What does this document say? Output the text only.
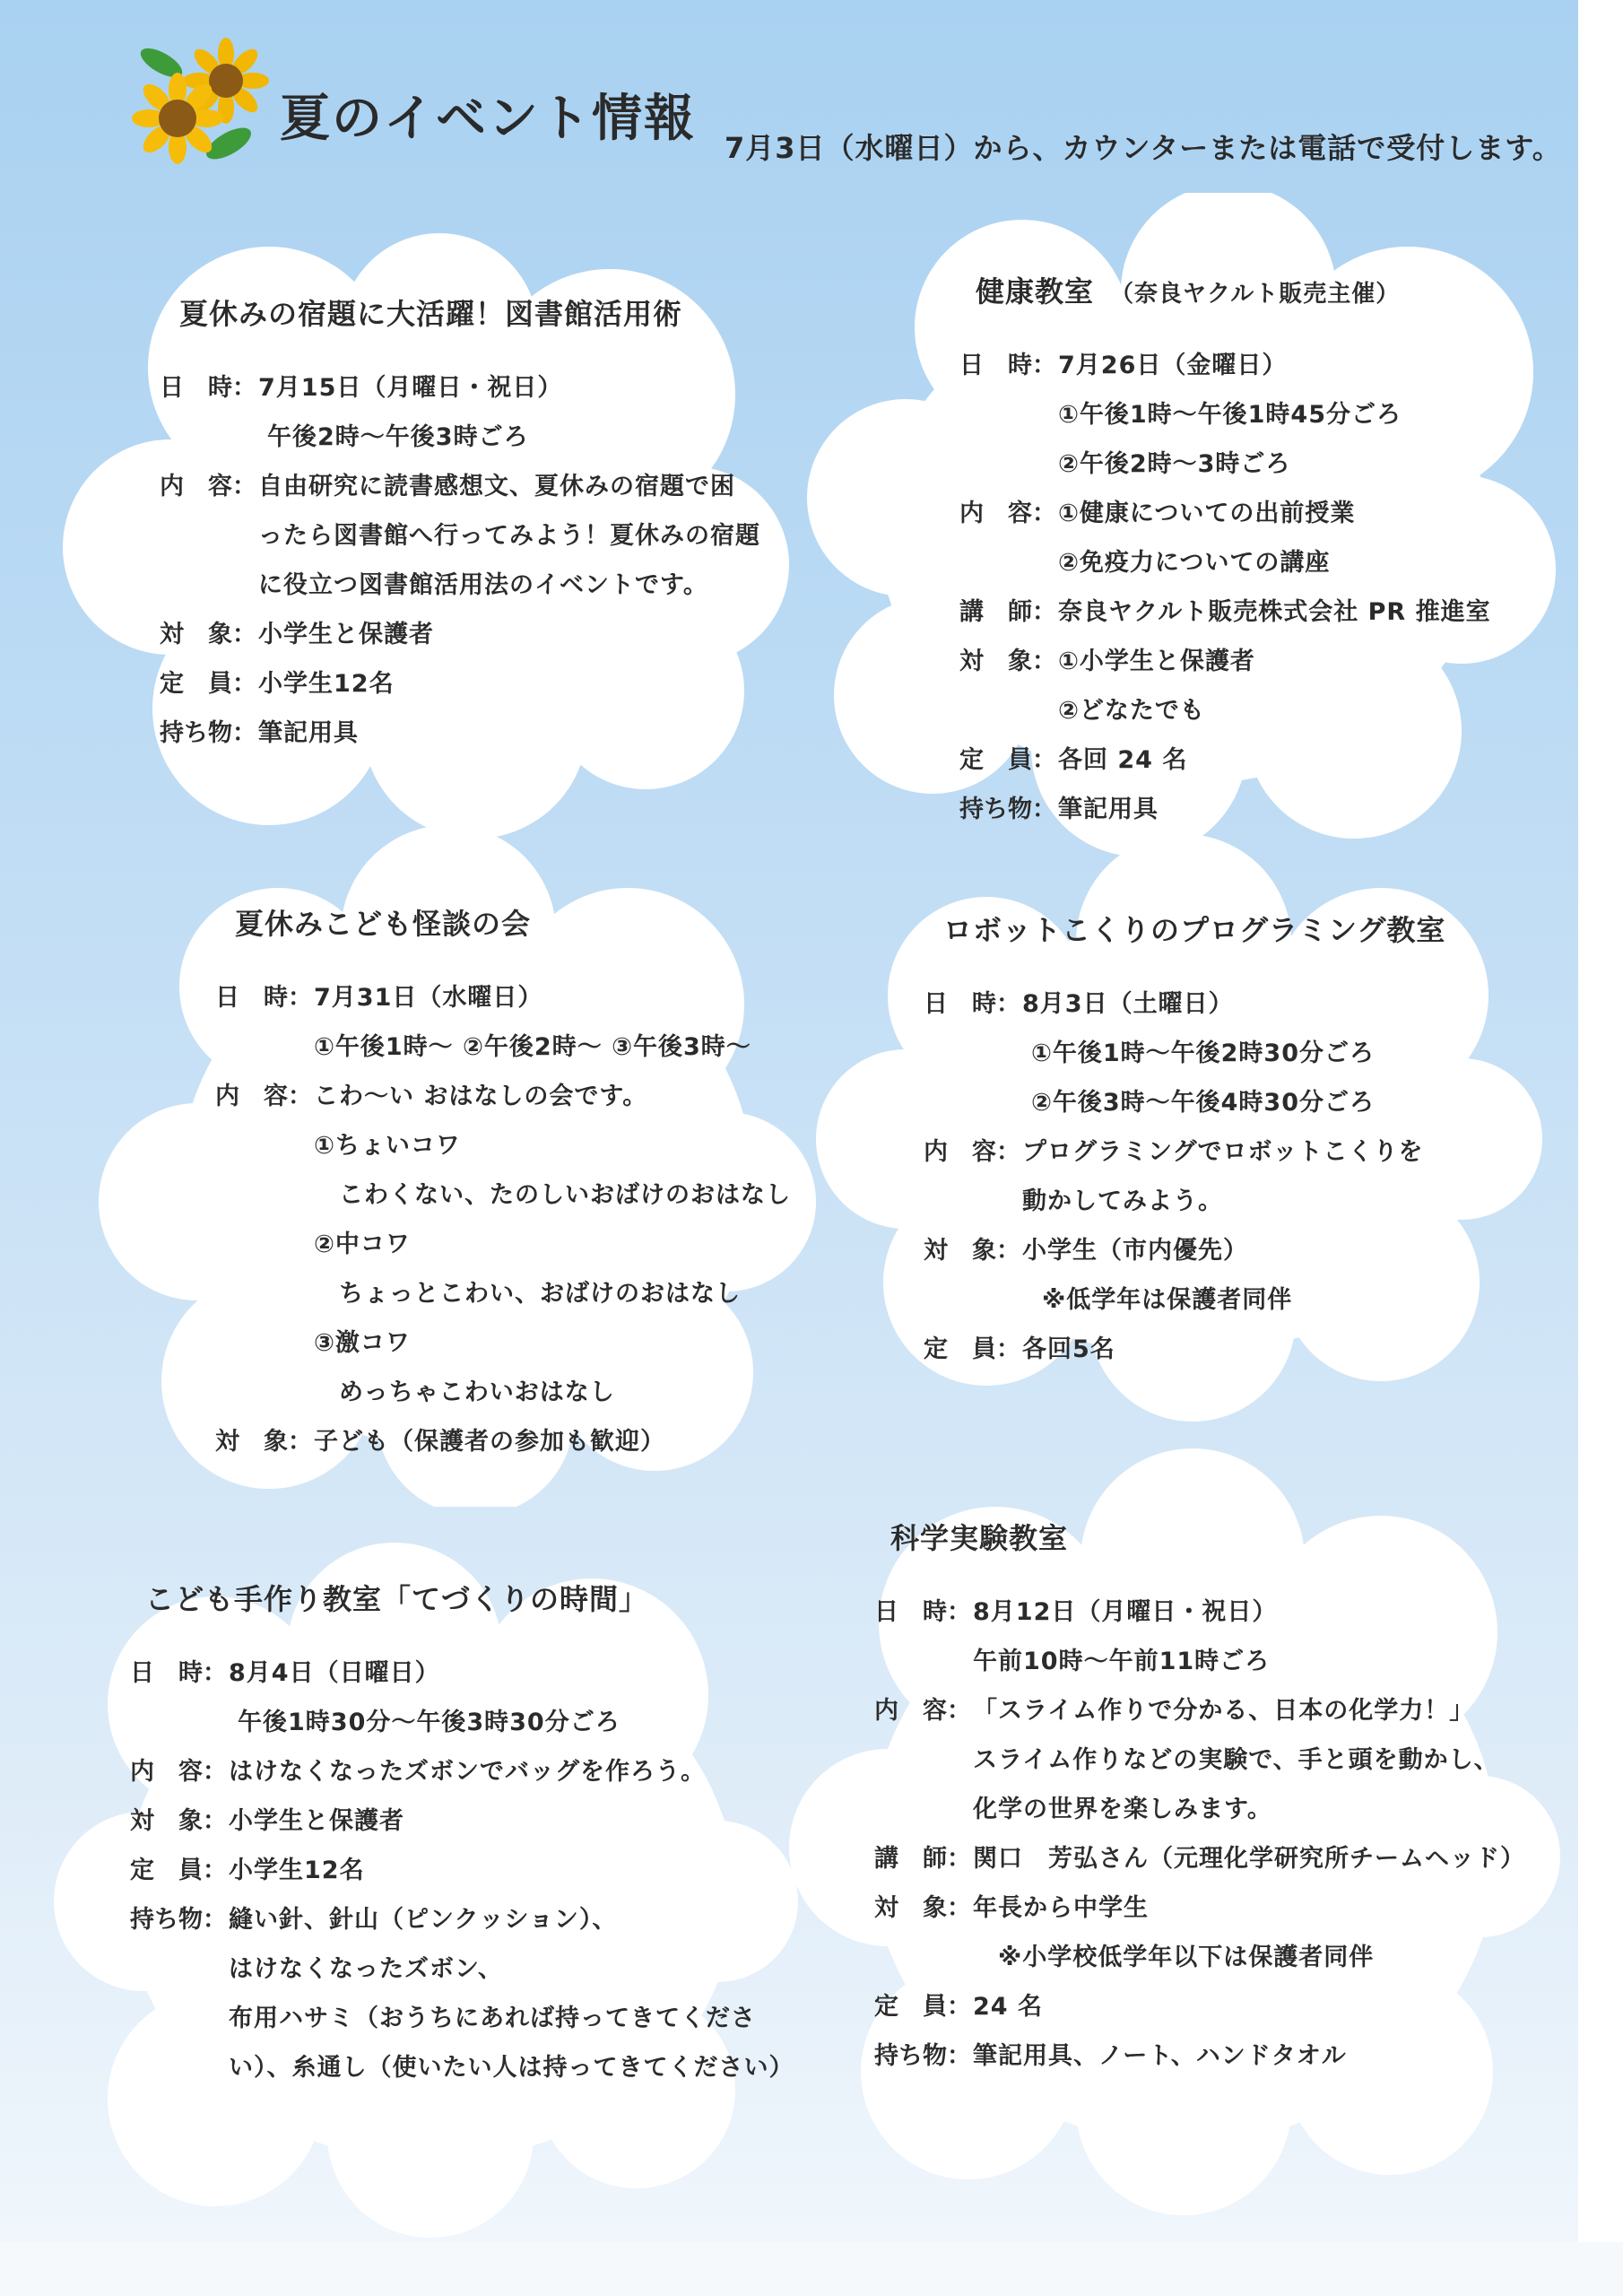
夏のイベント情報 7月3日（水曜日）から、カウンターまたは電話で受付します。
夏休みの宿題に大活躍！図書館活用術
日　時：7月15日（月曜日・祝日）
午後2時～午後3時ごろ
内　容：自由研究に読書感想文、夏休みの宿題で困
ったら図書館へ行ってみよう！夏休みの宿題
に役立つ図書館活用法のイベントです。
対　象：小学生と保護者
定　員：小学生12名
持ち物：筆記用具
健康教室 （奈良ヤクルト販売主催）
日　時：7月26日（金曜日）
①午後1時～午後1時45分ごろ
②午後2時～3時ごろ
内　容：①健康についての出前授業
②免疫力についての講座
講　師：奈良ヤクルト販売株式会社 PR 推進室
対　象：①小学生と保護者
②どなたでも
定　員：各回 24 名
持ち物：筆記用具
夏休みこども怪談の会
日　時：7月31日（水曜日）
①午後1時～ ②午後2時～ ③午後3時～
内　容：こわ～い おはなしの会です。
①ちょいコワ
　こわくない、たのしいおばけのおはなし
②中コワ
　ちょっとこわい、おばけのおはなし
③激コワ
　めっちゃこわいおはなし
対　象：子ども（保護者の参加も歓迎）
ロボットこくりのプログラミング教室
日　時：8月3日（土曜日）
①午後1時～午後2時30分ごろ
②午後3時～午後4時30分ごろ
内　容：プログラミングでロボットこくりを
動かしてみよう。
対　象：小学生（市内優先）
※低学年は保護者同伴
定　員：各回5名
こども手作り教室「てづくりの時間」
日　時：8月4日（日曜日）
午後1時30分～午後3時30分ごろ
内　容：はけなくなったズボンでバッグを作ろう。
対　象：小学生と保護者
定　員：小学生12名
持ち物：縫い針、針山（ピンクッション）、
はけなくなったズボン、
布用ハサミ（おうちにあれば持ってきてくださ
い）、糸通し（使いたい人は持ってきてください）
科学実験教室
日　時：8月12日（月曜日・祝日）
午前10時～午前11時ごろ
内　容：「スライム作りで分かる、日本の化学力！」
スライム作りなどの実験で、手と頭を動かし、
化学の世界を楽しみます。
講　師：関口　芳弘さん（元理化学研究所チームヘッド）
対　象：年長から中学生
　※小学校低学年以下は保護者同伴
定　員：24 名
持ち物：筆記用具、ノート、ハンドタオル
